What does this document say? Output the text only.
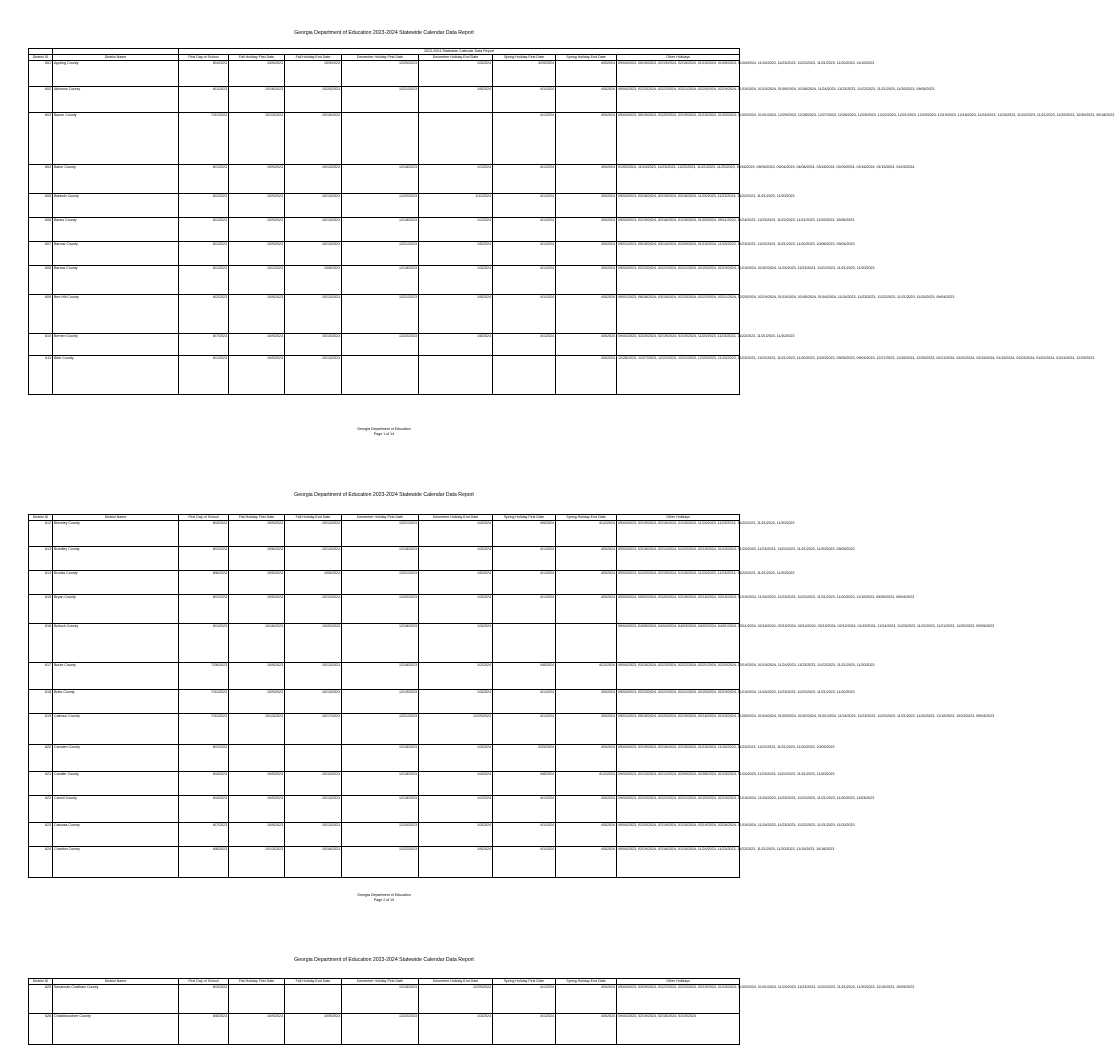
Georgia Department of Education 2023-2024 Statewide Calendar Data Report
		2023-2024 Statewide Calendar Data Report							
District ID	District Name	First Day of School	Fall Holiday First Date	Fall Holiday End Date	December Holiday First Date	December Holiday End Date	Spring Holiday First Date	Spring Holiday End Date	Other Holidays
601	Appling County	8/4/2023	10/9/2023	10/9/2023	12/20/2023	1/3/2024	3/29/2024	4/5/2024	09/04/2023, 05/15/2024, 02/19/2024, 02/16/2024, 01/15/2024, 01/05/2024, 01/04/2024, 11/24/2023, 11/23/2023, 11/22/2023, 11/21/2023, 11/20/2023, 11/10/2023
602	Atkinson County	8/1/2023	10/16/2023	10/20/2023	12/21/2023	1/5/2024	4/1/2024	4/5/2024	09/04/2023, 02/23/2024, 02/22/2024, 02/21/2024, 02/20/2024, 02/19/2024, 01/15/2024, 01/10/2024, 01/09/2024, 01/08/2024, 11/24/2023, 11/23/2023, 11/22/2023, 11/21/2023, 11/20/2023, 09/05/2023
603	Bacon County	7/31/2023	10/13/2023	10/16/2023			4/1/2024	4/5/2024	09/04/2023, 05/15/2024, 02/20/2024, 02/19/2024, 01/15/2024, 01/03/2024, 01/02/2024, 01/01/2024, 12/29/2023, 12/28/2023, 12/27/2023, 12/26/2023, 12/25/2023, 12/22/2023, 12/21/2023, 12/20/2023, 12/19/2023, 12/18/2023, 11/24/2023, 11/23/2023, 11/22/2023, 11/21/2023, 11/20/2023, 10/30/2023, 09/18/2023
604	Baker County	8/1/2023	10/9/2023	10/13/2023	12/18/2023	1/1/2024	4/1/2024	4/5/2024	01/02/2024, 11/24/2023, 11/23/2023, 11/22/2023, 11/21/2023, 11/20/2023, 10/16/2023, 09/05/2023, 09/04/2023, 04/08/2024, 03/18/2024, 02/09/2024, 02/16/2024, 01/15/2024, 01/03/2024
605	Baldwin County	8/2/2023	10/9/2023	10/13/2023	12/20/2023	1/11/2024	4/1/2024	4/5/2024	09/04/2023, 03/18/2024, 02/19/2024, 02/16/2024, 11/24/2023, 11/23/2023, 11/22/2023, 11/21/2023, 11/20/2023
606	Banks County	8/1/2023	10/9/2023	10/13/2023	12/18/2023	1/2/2024	4/1/2024	4/5/2024	09/04/2023, 02/19/2024, 02/16/2024, 01/15/2024, 01/03/2024, 09/11/2024, 11/24/2023, 11/23/2023, 11/22/2023, 11/21/2023, 11/20/2023, 10/06/2023
607	Barrow County	8/1/2023	10/9/2023	10/13/2023	12/21/2023	1/5/2024	4/1/2024	4/5/2024	09/01/2023, 05/15/2024, 03/14/2024, 02/09/2024, 01/15/2024, 11/24/2023, 11/23/2023, 11/22/2023, 11/21/2023, 11/20/2023, 10/06/2023, 09/04/2023
608	Bartow County	8/1/2023	10/2/2023	10/6/2023	12/18/2023	1/3/2024	4/1/2024	4/5/2024	09/04/2023, 02/23/2024, 02/22/2024, 02/21/2024, 02/20/2024, 02/19/2024, 01/15/2024, 01/02/2024, 11/24/2023, 11/23/2023, 11/22/2023, 11/21/2023, 11/20/2023
609	Ben Hill County	8/2/2023	10/9/2023	10/13/2023	12/21/2023	1/5/2024	4/1/2024	4/5/2024	09/01/2023, 08/28/2024, 03/15/2024, 02/23/2024, 02/22/2024, 02/21/2024, 02/20/2024, 02/19/2024, 01/15/2024, 01/05/2024, 01/04/2024, 11/24/2023, 11/23/2023, 11/22/2023, 11/21/2023, 11/20/2023, 09/04/2023
610	Berrien County	8/7/2023	10/9/2023	10/10/2023	12/20/2023	1/8/2024	4/1/2024	4/5/2024	09/04/2023, 02/20/2024, 02/19/2024, 01/15/2024, 11/24/2023, 11/23/2023, 11/22/2023, 11/21/2023, 11/20/2023
611	Bibb County	8/1/2023	10/9/2023	10/13/2023				4/5/2024	12/28/2023, 12/27/2023, 12/22/2023, 12/21/2023, 12/20/2023, 11/24/2023, 11/23/2023, 11/22/2023, 11/21/2023, 11/20/2023, 10/20/2023, 09/05/2023, 09/04/2023, 12/27/2023, 12/26/2023, 12/25/2023, 02/21/2024, 02/20/2024, 02/19/2024, 01/15/2024, 01/03/2024, 01/02/2024, 01/01/2024, 12/29/2023
Georgia Department of Education
Page 1 of 14
Georgia Department of Education 2023-2024 Statewide Calendar Data Report
District ID	District Name	First Day of School	Fall Holiday First Date	Fall Holiday End Date	December Holiday First Date	December Holiday End Date	Spring Holiday First Date	Spring Holiday End Date	Other Holidays
612	Bleckley County	8/4/2023	10/9/2023	10/13/2023	12/21/2023	1/4/2024	4/5/2024	4/12/2024	09/04/2023, 02/19/2024, 02/16/2024, 01/15/2024, 11/24/2023, 11/23/2023, 11/22/2023, 11/21/2023, 11/20/2023
613	Brantley County	8/2/2023	10/6/2023	10/13/2023	12/18/2023	1/3/2024	4/1/2024	4/5/2024	09/04/2023, 03/18/2024, 02/12/2024, 02/20/2024, 02/19/2024, 01/15/2024, 11/24/2023, 11/23/2023, 11/22/2023, 11/21/2023, 11/20/2023, 09/05/2023
614	Brooks County	8/8/2023	10/5/2023	10/6/2023	12/21/2023	1/5/2024	4/1/2024	4/5/2024	09/04/2023, 02/20/2024, 02/19/2024, 01/15/2024, 11/24/2023, 11/23/2023, 11/22/2023, 11/21/2023, 11/20/2023
615	Bryan County	8/2/2023	10/5/2023	10/10/2023	12/20/2023	1/3/2024	4/1/2024	4/5/2024	05/03/2024, 05/02/2024, 02/20/2024, 02/19/2024, 02/16/2024, 02/15/2024, 01/15/2024, 11/24/2023, 11/23/2023, 11/22/2023, 11/21/2023, 11/20/2023, 11/10/2023, 09/05/2023, 09/04/2023
616	Bulloch County	8/1/2023	10/16/2023	10/20/2023	12/18/2023	1/3/2024			09/04/2023, 04/05/2024, 04/04/2024, 04/03/2024, 04/02/2024, 04/01/2024, 03/11/2024, 02/16/2024, 02/15/2024, 02/14/2024, 02/13/2024, 02/12/2024, 01/15/2024, 11/24/2023, 11/23/2023, 11/22/2023, 11/21/2023, 11/20/2023, 09/05/2023
617	Burke County	7/26/2023	10/9/2023	10/13/2023	12/18/2023	1/2/2024	4/8/2024	4/12/2024	09/04/2023, 03/15/2024, 02/23/2024, 02/22/2024, 02/21/2024, 02/20/2024, 02/19/2024, 01/15/2024, 11/24/2023, 11/23/2023, 11/22/2023, 11/21/2023, 11/20/2023
618	Butts County	7/31/2023	10/9/2023	10/13/2023	12/19/2023	1/3/2024	4/1/2024	4/5/2024	09/04/2023, 02/23/2024, 02/22/2024, 02/21/2024, 02/20/2024, 02/19/2024, 01/15/2024, 11/24/2023, 11/23/2023, 11/22/2023, 11/21/2023, 11/20/2023
619	Calhoun County	7/31/2023	10/13/2023	10/17/2023	12/21/2023	12/29/2023	4/1/2024	4/5/2024	09/01/2023, 05/15/2024, 02/20/2024, 02/19/2024, 02/16/2024, 01/15/2024, 01/05/2024, 01/04/2024, 01/03/2024, 01/02/2024, 01/01/2024, 11/24/2023, 11/23/2023, 11/22/2023, 11/21/2023, 11/20/2023, 11/10/2023, 10/23/2023, 09/04/2023
620	Camden County	8/2/2023			12/18/2023	1/3/2024	3/29/2024	4/5/2024	09/04/2023, 02/19/2024, 02/16/2024, 02/15/2024, 01/15/2024, 11/24/2023, 11/23/2023, 11/22/2023, 11/21/2023, 11/20/2023, 10/09/2023
621	Candler County	8/4/2023	10/9/2023	10/10/2023	12/18/2023	1/4/2024	4/8/2024	4/12/2024	09/04/2023, 02/13/2024, 02/12/2024, 02/09/2024, 02/08/2024, 01/15/2024, 11/24/2023, 11/23/2023, 11/22/2023, 11/21/2023, 11/20/2023
622	Carroll County	8/4/2023	10/9/2023	10/13/2023	12/18/2023	1/2/2024	4/1/2024	4/5/2024	09/04/2023, 02/23/2024, 02/22/2024, 02/21/2024, 02/20/2024, 02/19/2024, 01/15/2024, 11/24/2023, 11/23/2023, 11/22/2023, 11/21/2023, 11/20/2023, 11/03/2023
623	Catoosa County	8/7/2023	10/9/2023	10/13/2023	12/20/2023	1/3/2024	4/1/2024	4/5/2024	09/04/2023, 02/20/2024, 02/19/2024, 01/15/2024, 02/19/2024, 02/16/2024, 01/15/2024, 11/24/2023, 11/23/2023, 11/22/2023, 11/21/2023, 11/20/2023
624	Charlton County	8/8/2023	10/13/2023	10/16/2023	12/22/2023	1/9/2024	4/1/2024	4/5/2024	09/04/2023, 02/19/2024, 02/16/2024, 01/15/2024, 11/24/2023, 11/23/2023, 11/22/2023, 11/21/2023, 11/20/2023, 11/10/2023, 10/16/2023
Georgia Department of Education
Page 2 of 19
Georgia Department of Education 2023-2024 Statewide Calendar Data Report
District ID	District Name	First Day of School	Fall Holiday First Date	Fall Holiday End Date	December Holiday First Date	December Holiday End Date	Spring Holiday First Date	Spring Holiday End Date	Other Holidays
625	Savannah-Chatham County	8/3/2023			12/18/2023	12/29/2023	4/1/2024	4/5/2024	09/04/2023, 03/29/2024, 02/22/2024, 02/23/2024, 02/19/2024, 01/15/2024, 01/02/2024, 01/01/2024, 11/24/2023, 11/23/2023, 11/22/2023, 11/21/2023, 11/20/2023, 11/10/2023, 10/09/2023
626	Chattahoochee County	8/8/2023	10/9/2023	10/9/2023	12/20/2023	1/3/2024	4/1/2024	4/5/2024	09/04/2023, 02/19/2024, 02/16/2024, 01/15/2024
